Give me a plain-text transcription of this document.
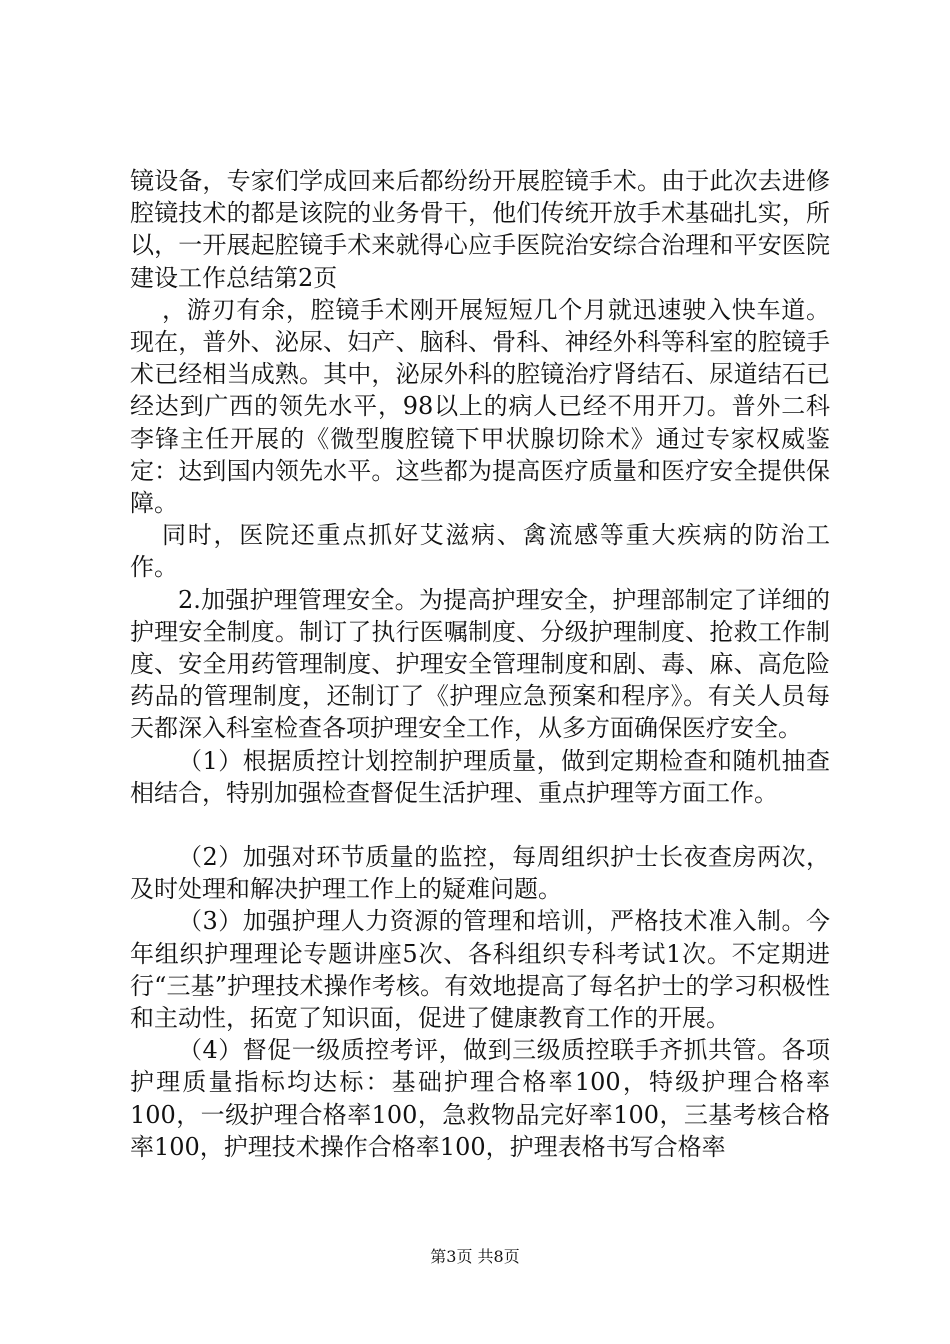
镜设备，专家们学成回来后都纷纷开展腔镜手术。由于此次去进修腔镜技术的都是该院的业务骨干，他们传统开放手术基础扎实，所以，一开展起腔镜手术来就得心应手医院治安综合治理和平安医院建设工作总结第2页

，游刃有余，腔镜手术刚开展短短几个月就迅速驶入快车道。现在，普外、泌尿、妇产、脑科、骨科、神经外科等科室的腔镜手术已经相当成熟。其中，泌尿外科的腔镜治疗肾结石、尿道结石已经达到广西的领先水平，98以上的病人已经不用开刀。普外二科李锋主任开展的《微型腹腔镜下甲状腺切除术》通过专家权威鉴定：达到国内领先水平。这些都为提高医疗质量和医疗安全提供保障。

同时，医院还重点抓好艾滋病、禽流感等重大疾病的防治工作。

2.加强护理管理安全。为提高护理安全，护理部制定了详细的护理安全制度。制订了执行医嘱制度、分级护理制度、抢救工作制度、安全用药管理制度、护理安全管理制度和剧、毒、麻、高危险药品的管理制度，还制订了《护理应急预案和程序》。有关人员每天都深入科室检查各项护理安全工作，从多方面确保医疗安全。

（1）根据质控计划控制护理质量，做到定期检查和随机抽查相结合，特别加强检查督促生活护理、重点护理等方面工作。

（2）加强对环节质量的监控，每周组织护士长夜查房两次，及时处理和解决护理工作上的疑难问题。

（3）加强护理人力资源的管理和培训，严格技术准入制。今年组织护理理论专题讲座5次、各科组织专科考试1次。不定期进行“三基”护理技术操作考核。有效地提高了每名护士的学习积极性和主动性，拓宽了知识面，促进了健康教育工作的开展。

（4）督促一级质控考评，做到三级质控联手齐抓共管。各项护理质量指标均达标：基础护理合格率100，特级护理合格率100，一级护理合格率100，急救物品完好率100，三基考核合格率100，护理技术操作合格率100，护理表格书写合格率

第3页 共8页
